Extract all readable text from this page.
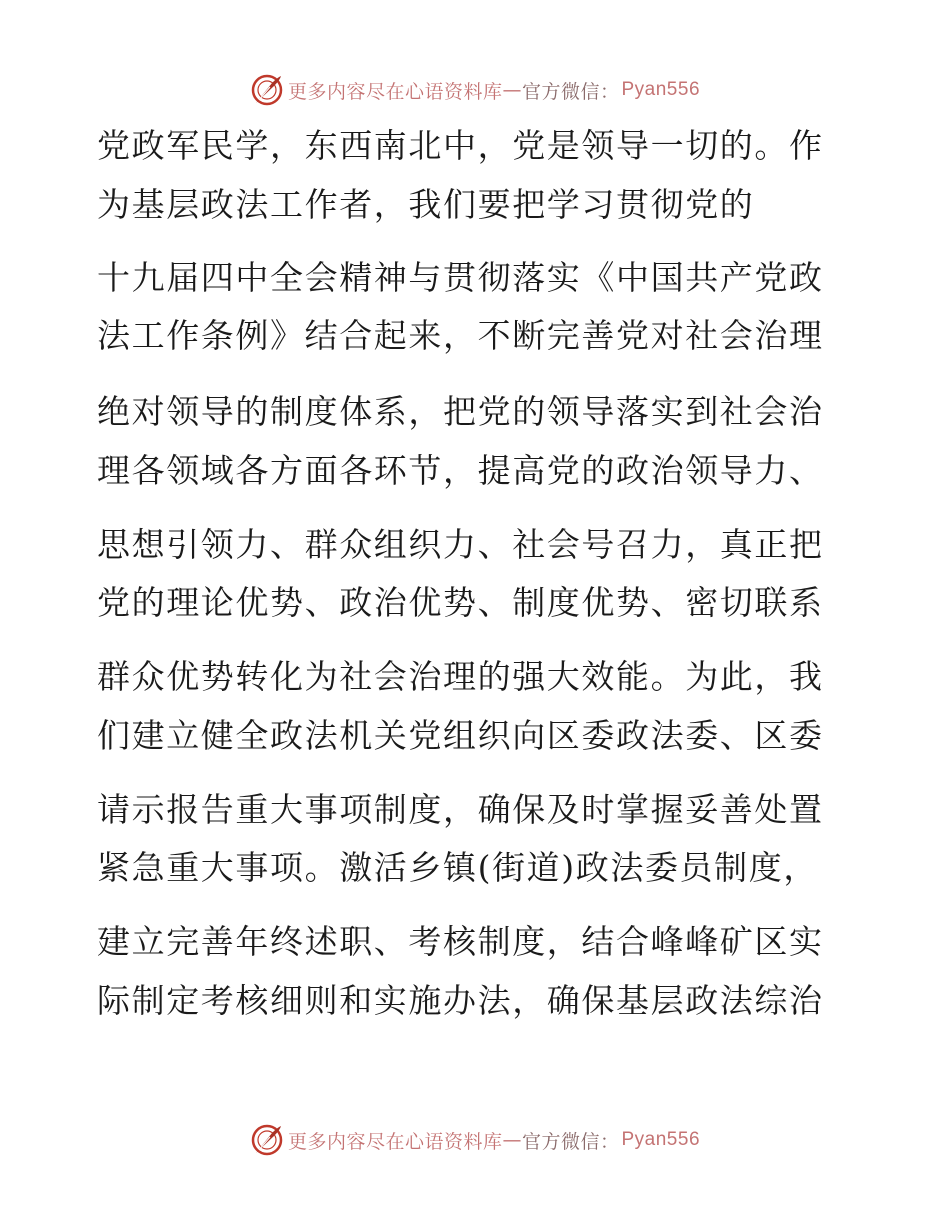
更多内容尽在心语资料库 — 官方微信： Pyan556
党政军民学，东西南北中，党是领导一切的。作
为基层政法工作者，我们要把学习贯彻党的
十九届四中全会精神与贯彻落实《中国共产党政
法工作条例》结合起来，不断完善党对社会治理
绝对领导的制度体系，把党的领导落实到社会治
理各领域各方面各环节，提高党的政治领导力、
思想引领力、群众组织力、社会号召力，真正把
党的理论优势、政治优势、制度优势、密切联系
群众优势转化为社会治理的强大效能。为此，我
们建立健全政法机关党组织向区委政法委、区委
请示报告重大事项制度，确保及时掌握妥善处置
紧急重大事项。激活乡镇(街道)政法委员制度，
建立完善年终述职、考核制度，结合峰峰矿区实
际制定考核细则和实施办法，确保基层政法综治
更多内容尽在心语资料库 — 官方微信： Pyan556
